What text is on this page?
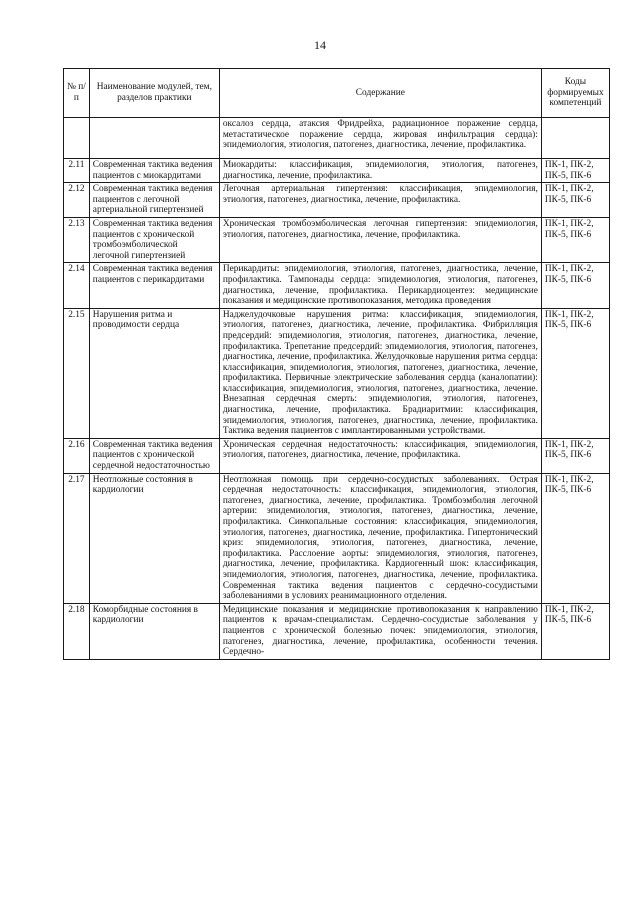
14
№ п/п	Наименование модулей, тем, разделов практики	Содержание	Коды формируемых компетенций
		оксалоз сердца, атаксия Фридрейха, радиационное поражение сердца, метастатическое поражение сердца, жировая инфильтрация сердца): эпидемиология, этиология, патогенез, диагностика, лечение, профилактика.	
2.11	Современная тактика ведения пациентов с миокардитами	Миокардиты: классификация, эпидемиология, этиология, патогенез, диагностика, лечение, профилактика.	ПК-1, ПК-2, ПК-5, ПК-6
2.12	Современная тактика ведения пациентов с легочной артериальной гипертензией	Легочная артериальная гипертензия: классификация, эпидемиология, этиология, патогенез, диагностика, лечение, профилактика.	ПК-1, ПК-2, ПК-5, ПК-6
2.13	Современная тактика ведения пациентов с хронической тромбоэмболической легочной гипертензией	Хроническая тромбоэмболическая легочная гипертензия: эпидемиология, этиология, патогенез, диагностика, лечение, профилактика.	ПК-1, ПК-2, ПК-5, ПК-6
2.14	Современная тактика ведения пациентов с перикардитами	Перикардиты: эпидемиология, этиология, патогенез, диагностика, лечение, профилактика. Тампонады сердца: эпидемиология, этиология, патогенез, диагностика, лечение, профилактика. Перикардиоцентез: медицинские показания и медицинские противопоказания, методика проведения	ПК-1, ПК-2, ПК-5, ПК-6
2.15	Нарушения ритма и проводимости сердца	Наджелудочковые нарушения ритма: классификация, эпидемиология, этиология, патогенез, диагностика, лечение, профилактика. Фибрилляция предсердий: эпидемиология, этиология, патогенез, диагностика, лечение, профилактика. Трепетание предсердий: эпидемиология, этиология, патогенез, диагностика, лечение, профилактика. Желудочковые нарушения ритма сердца: классификация, эпидемиология, этиология, патогенез, диагностика, лечение, профилактика. Первичные электрические заболевания сердца (каналопатии): классификация, эпидемиология, этиология, патогенез, диагностика, лечение. Внезапная сердечная смерть: эпидемиология, этиология, патогенез, диагностика, лечение, профилактика. Брадиаритмии: классификация, эпидемиология, этиология, патогенез, диагностика, лечение, профилактика. Тактика ведения пациентов с имплантированными устройствами.	ПК-1, ПК-2, ПК-5, ПК-6
2.16	Современная тактика ведения пациентов с хронической сердечной недостаточностью	Хроническая сердечная недостаточность: классификация, эпидемиология, этиология, патогенез, диагностика, лечение, профилактика.	ПК-1, ПК-2, ПК-5, ПК-6
2.17	Неотложные состояния в кардиологии	Неотложная помощь при сердечно-сосудистых заболеваниях. Острая сердечная недостаточность: классификация, эпидемиология, этиология, патогенез, диагностика, лечение, профилактика. Тромбоэмболия легочной артерии: эпидемиология, этиология, патогенез, диагностика, лечение, профилактика. Синкопальные состояния: классификация, эпидемиология, этиология, патогенез, диагностика, лечение, профилактика. Гипертонический криз: эпидемиология, этиология, патогенез, диагностика, лечение, профилактика. Расслоение аорты: эпидемиология, этиология, патогенез, диагностика, лечение, профилактика. Кардиогенный шок: классификация, эпидемиология, этиология, патогенез, диагностика, лечение, профилактика. Современная тактика ведения пациентов с сердечно-сосудистыми заболеваниями в условиях реанимационного отделения.	ПК-1, ПК-2, ПК-5, ПК-6
2.18	Коморбидные состояния в кардиологии	Медицинские показания и медицинские противопоказания к направлению пациентов к врачам-специалистам. Сердечно-сосудистые заболевания у пациентов с хронической болезнью почек: эпидемиология, этиология, патогенез, диагностика, лечение, профилактика, особенности течения. Сердечно-	ПК-1, ПК-2, ПК-5, ПК-6
